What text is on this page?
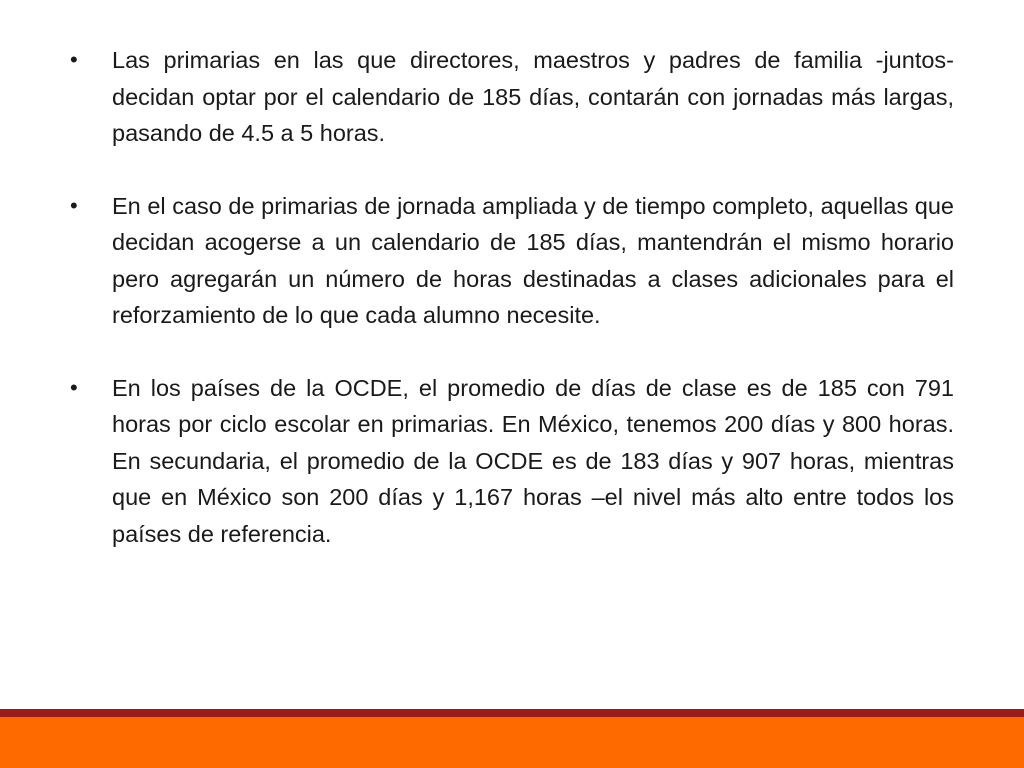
• Las primarias en las que directores, maestros y padres de familia -juntos- decidan optar por el calendario de 185 días, contarán con jornadas más largas, pasando de 4.5 a 5 horas.
• En el caso de primarias de jornada ampliada y de tiempo completo, aquellas que decidan acogerse a un calendario de 185 días, mantendrán el mismo horario pero agregarán un número de horas destinadas a clases adicionales para el reforzamiento de lo que cada alumno necesite.
• En los países de la OCDE, el promedio de días de clase es de 185 con 791 horas por ciclo escolar en primarias. En México, tenemos 200 días y 800 horas. En secundaria, el promedio de la OCDE es de 183 días y 907 horas, mientras que en México son 200 días y 1,167 horas –el nivel más alto entre todos los países de referencia.
